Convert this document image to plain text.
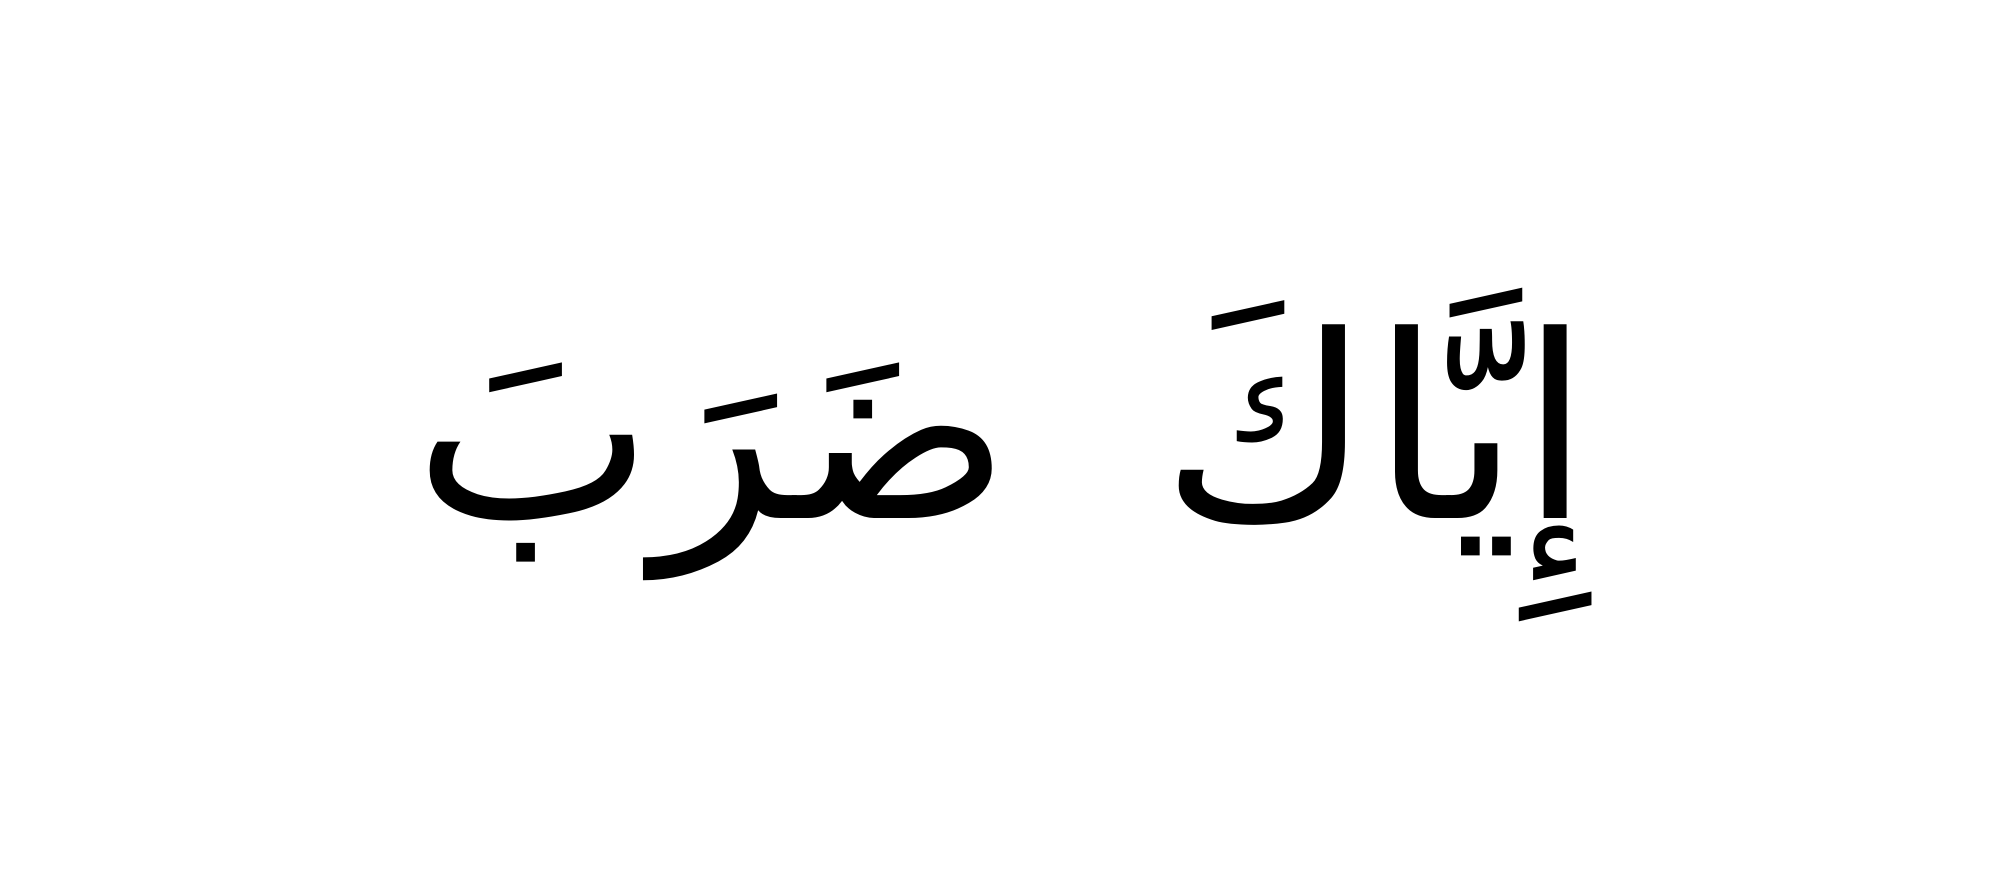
إِيَّاكَ
ضَرَبَ
